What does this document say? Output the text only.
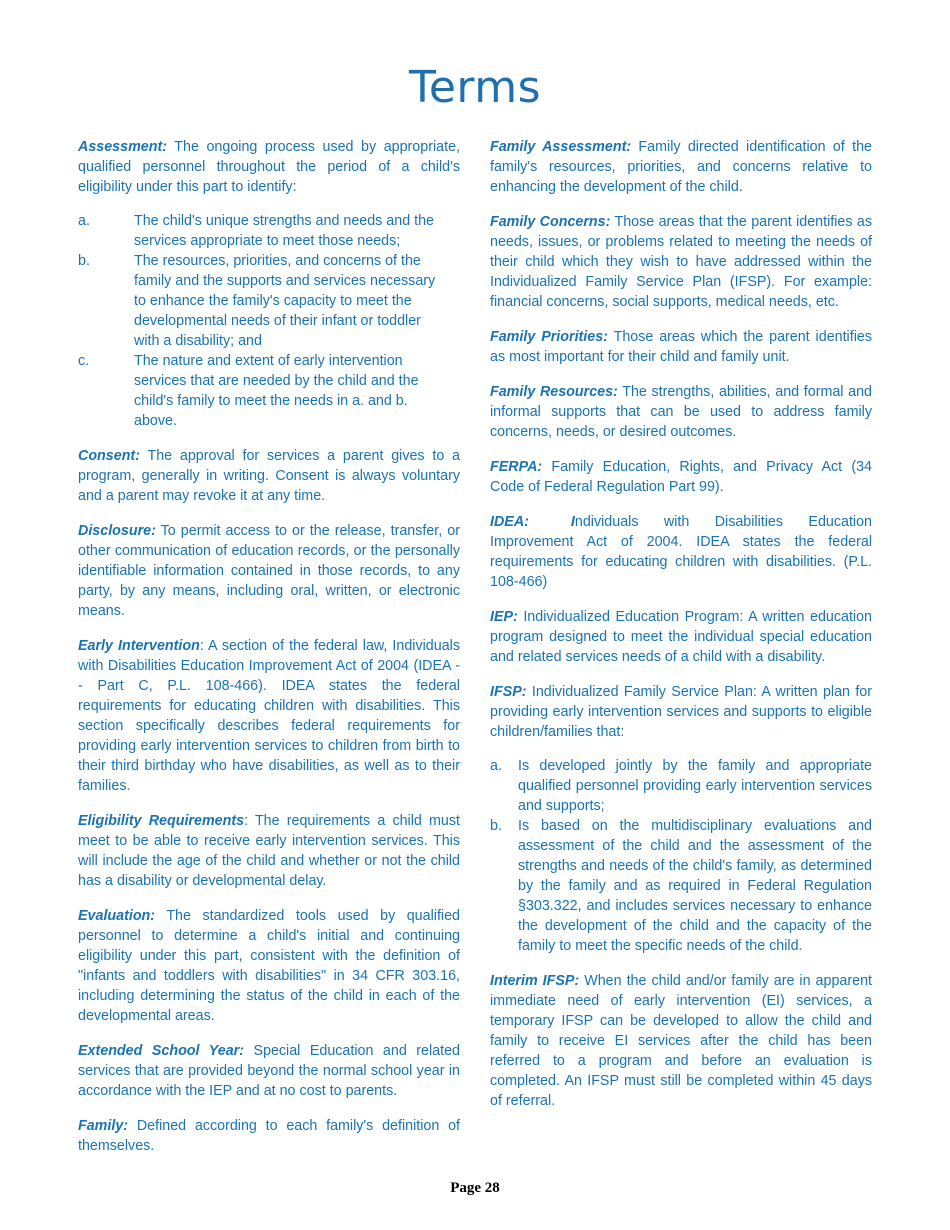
Terms

Assessment: The ongoing process used by appropriate, qualified personnel throughout the period of a child's eligibility under this part to identify:

a.	The child's unique strengths and needs and the services appropriate to meet those needs;
b.	The resources, priorities, and concerns of the family and the supports and services necessary to enhance the family's capacity to meet the developmental needs of their infant or toddler with a disability; and
c.	The nature and extent of early intervention services that are needed by the child and the child's family to meet the needs in a. and b. above.

Consent: The approval for services a parent gives to a program, generally in writing. Consent is always voluntary and a parent may revoke it at any time.

Disclosure: To permit access to or the release, transfer, or other communication of education records, or the personally identifiable information contained in those records, to any party, by any means, including oral, written, or electronic means.

Early Intervention: A section of the federal law, Individuals with Disabilities Education Improvement Act of 2004 (IDEA -- Part C, P.L. 108-466). IDEA states the federal requirements for educating children with disabilities. This section specifically describes federal requirements for providing early intervention services to children from birth to their third birthday who have disabilities, as well as to their families.

Eligibility Requirements: The requirements a child must meet to be able to receive early intervention services. This will include the age of the child and whether or not the child has a disability or developmental delay.

Evaluation: The standardized tools used by qualified personnel to determine a child's initial and continuing eligibility under this part, consistent with the definition of "infants and toddlers with disabilities" in 34 CFR 303.16, including determining the status of the child in each of the developmental areas.

Extended School Year: Special Education and related services that are provided beyond the normal school year in accordance with the IEP and at no cost to parents.

Family: Defined according to each family's definition of themselves.

Family Assessment: Family directed identification of the family's resources, priorities, and concerns relative to enhancing the development of the child.

Family Concerns: Those areas that the parent identifies as needs, issues, or problems related to meeting the needs of their child which they wish to have addressed within the Individualized Family Service Plan (IFSP). For example: financial concerns, social supports, medical needs, etc.

Family Priorities: Those areas which the parent identifies as most important for their child and family unit.

Family Resources: The strengths, abilities, and formal and informal supports that can be used to address family concerns, needs, or desired outcomes.

FERPA: Family Education, Rights, and Privacy Act (34 Code of Federal Regulation Part 99).

IDEA:	Individuals with Disabilities Education Improvement Act of 2004. IDEA states the federal requirements for educating children with disabilities. (P.L. 108-466)

IEP: Individualized Education Program: A written education program designed to meet the individual special education and related services needs of a child with a disability.

IFSP: Individualized Family Service Plan: A written plan for providing early intervention services and supports to eligible children/families that:

a.	Is developed jointly by the family and appropriate qualified personnel providing early intervention services and supports;
b.	Is based on the multidisciplinary evaluations and assessment of the child and the assessment of the strengths and needs of the child's family, as determined by the family and as required in Federal Regulation §303.322, and includes services necessary to enhance the development of the child and the capacity of the family to meet the specific needs of the child.

Interim IFSP: When the child and/or family are in apparent immediate need of early intervention (EI) services, a temporary IFSP can be developed to allow the child and family to receive EI services after the child has been referred to a program and before an evaluation is completed. An IFSP must still be completed within 45 days of referral.

Page 28
